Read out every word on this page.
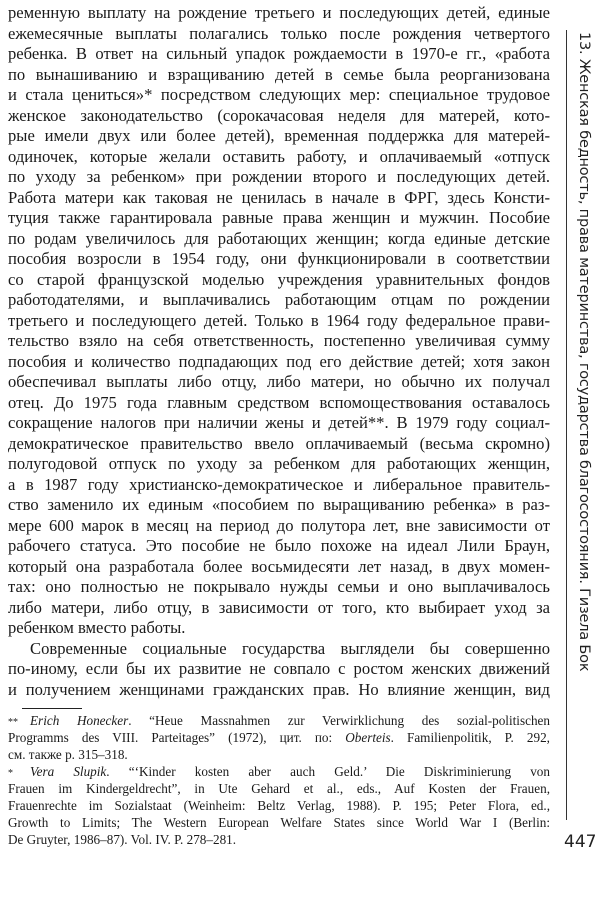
ременную выплату на рождение третьего и последующих детей, единые
ежемесячные выплаты полагались только после рождения четвертого
ребенка. В ответ на сильный упадок рождаемости в 1970-е гг., «работа
по вынашиванию и взращиванию детей в семье была реорганизована
и стала цениться»* посредством следующих мер: специальное трудовое
женское законодательство (сорокачасовая неделя для матерей, кото-
рые имели двух или более детей), временная поддержка для матерей-
одиночек, которые желали оставить работу, и оплачиваемый «отпуск
по уходу за ребенком» при рождении второго и последующих детей.
Работа матери как таковая не ценилась в начале в ФРГ, здесь Консти-
туция также гарантировала равные права женщин и мужчин. Пособие
по родам увеличилось для работающих женщин; когда единые детские
пособия возросли в 1954 году, они функционировали в соответствии
со старой французской моделью учреждения уравнительных фондов
работодателями, и выплачивались работающим отцам по рождении
третьего и последующего детей. Только в 1964 году федеральное прави-
тельство взяло на себя ответственность, постепенно увеличивая сумму
пособия и количество подпадающих под его действие детей; хотя закон
обеспечивал выплаты либо отцу, либо матери, но обычно их получал
отец. До 1975 года главным средством вспомоществования оставалось
сокращение налогов при наличии жены и детей**. В 1979 году социал-
демократическое правительство ввело оплачиваемый (весьма скромно)
полугодовой отпуск по уходу за ребенком для работающих женщин,
а в 1987 году христианско-демократическое и либеральное правитель-
ство заменило их единым «пособием по выращиванию ребенка» в раз-
мере 600 марок в месяц на период до полутора лет, вне зависимости от
рабочего статуса. Это пособие не было похоже на идеал Лили Браун,
который она разработала более восьмидесяти лет назад, в двух момен-
тах: оно полностью не покрывало нужды семьи и оно выплачивалось
либо матери, либо отцу, в зависимости от того, кто выбирает уход за
ребенком вместо работы.
Современные социальные государства выглядели бы совершенно
по-иному, если бы их развитие не совпало с ростом женских движений
и получением женщинами гражданских прав. Но влияние женщин, вид
** Erich Honecker. “Heue Massnahmen zur Verwirklichung des sozial-politischen
Programms des VIII. Parteitages” (1972), цит. по: Oberteis. Familienpolitik, P. 292,
см. также р. 315–318.
* Vera Slupik. “‘Kinder kosten aber auch Geld.’ Die Diskriminierung von
Frauen im Kindergeldrecht”, in Ute Gehard et al., eds., Auf Kosten der Frauen,
Frauenrechte im Sozialstaat (Weinheim: Beltz Verlag, 1988). P. 195; Peter Flora, ed.,
Growth to Limits; The Western European Welfare States since World War I (Berlin:
De Gruyter, 1986–87). Vol. IV. P. 278–281.
13. Женская бедность, права материнства, государства благосостояния. Гизела Бок
447
